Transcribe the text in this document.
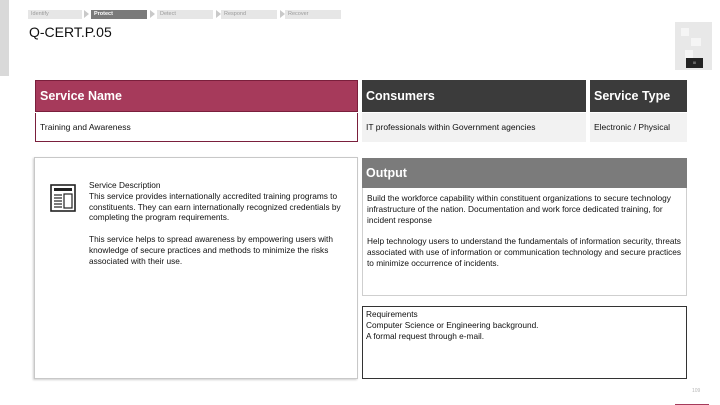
Identify	Protect	Detect	Respond	Recover
Q-CERT.P.05
II
Service Name	Consumers	Service Type
Training and Awareness	IT professionals within Government agencies	Electronic / Physical

Service Description

This service provides internationally accredited training programs to constituents. They can earn internationally recognized credentials by completing the program requirements.

This service helps to spread awareness by empowering users with knowledge of secure practices and methods to minimize the risks associated with their use.

Output

Build the workforce capability within constituent organizations to secure technology infrastructure of the nation. Documentation and work force dedicated training, for incident response

Help technology users to understand the fundamentals of information security, threats associated with use of information or communication technology and secure practices to minimize occurrence of incidents.

Requirements
Computer Science or Engineering background.
A formal request through e-mail.
109
